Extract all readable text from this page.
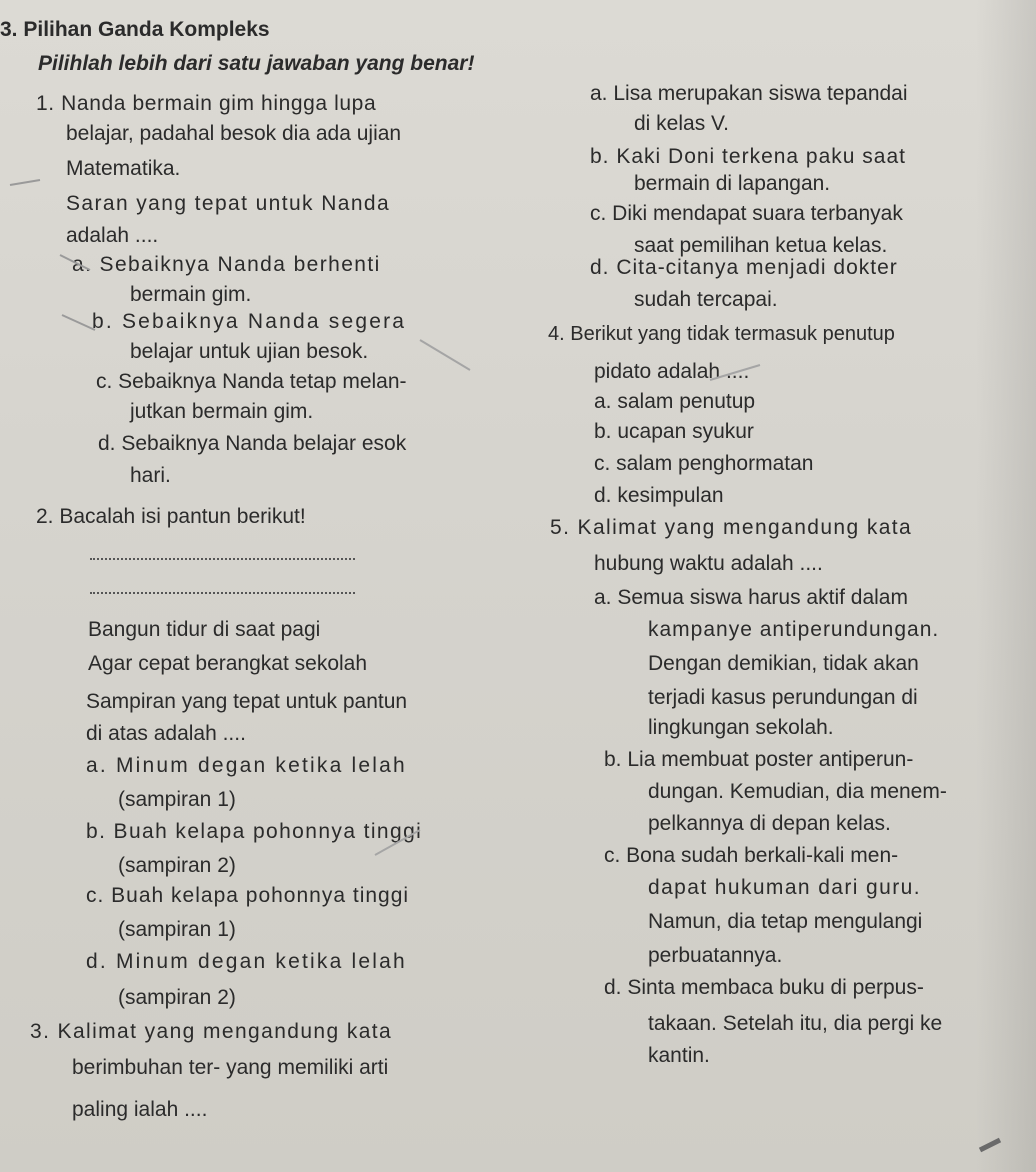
3. Pilihan Ganda Kompleks
Pilihlah lebih dari satu jawaban yang benar!
1. Nanda bermain gim hingga lupa
belajar, padahal besok dia ada ujian
Matematika.
Saran yang tepat untuk Nanda
adalah ....
a. Sebaiknya Nanda berhenti
bermain gim.
b. Sebaiknya Nanda segera
belajar untuk ujian besok.
c. Sebaiknya Nanda tetap melan-
jutkan bermain gim.
d. Sebaiknya Nanda belajar esok
hari.
2. Bacalah isi pantun berikut!
Bangun tidur di saat pagi
Agar cepat berangkat sekolah
Sampiran yang tepat untuk pantun
di atas adalah ....
a. Minum degan ketika lelah
(sampiran 1)
b. Buah kelapa pohonnya tinggi
(sampiran 2)
c. Buah kelapa pohonnya tinggi
(sampiran 1)
d. Minum degan ketika lelah
(sampiran 2)
3. Kalimat yang mengandung kata
berimbuhan ter- yang memiliki arti
paling ialah ....
a. Lisa merupakan siswa tepandai
di kelas V.
b. Kaki Doni terkena paku saat
bermain di lapangan.
c. Diki mendapat suara terbanyak
saat pemilihan ketua kelas.
d. Cita-citanya menjadi dokter
sudah tercapai.
4. Berikut yang tidak termasuk penutup
pidato adalah ....
a. salam penutup
b. ucapan syukur
c. salam penghormatan
d. kesimpulan
5. Kalimat yang mengandung kata
hubung waktu adalah ....
a. Semua siswa harus aktif dalam
kampanye antiperundungan.
Dengan demikian, tidak akan
terjadi kasus perundungan di
lingkungan sekolah.
b. Lia membuat poster antiperun-
dungan. Kemudian, dia menem-
pelkannya di depan kelas.
c. Bona sudah berkali-kali men-
dapat hukuman dari guru.
Namun, dia tetap mengulangi
perbuatannya.
d. Sinta membaca buku di perpus-
takaan. Setelah itu, dia pergi ke
kantin.
